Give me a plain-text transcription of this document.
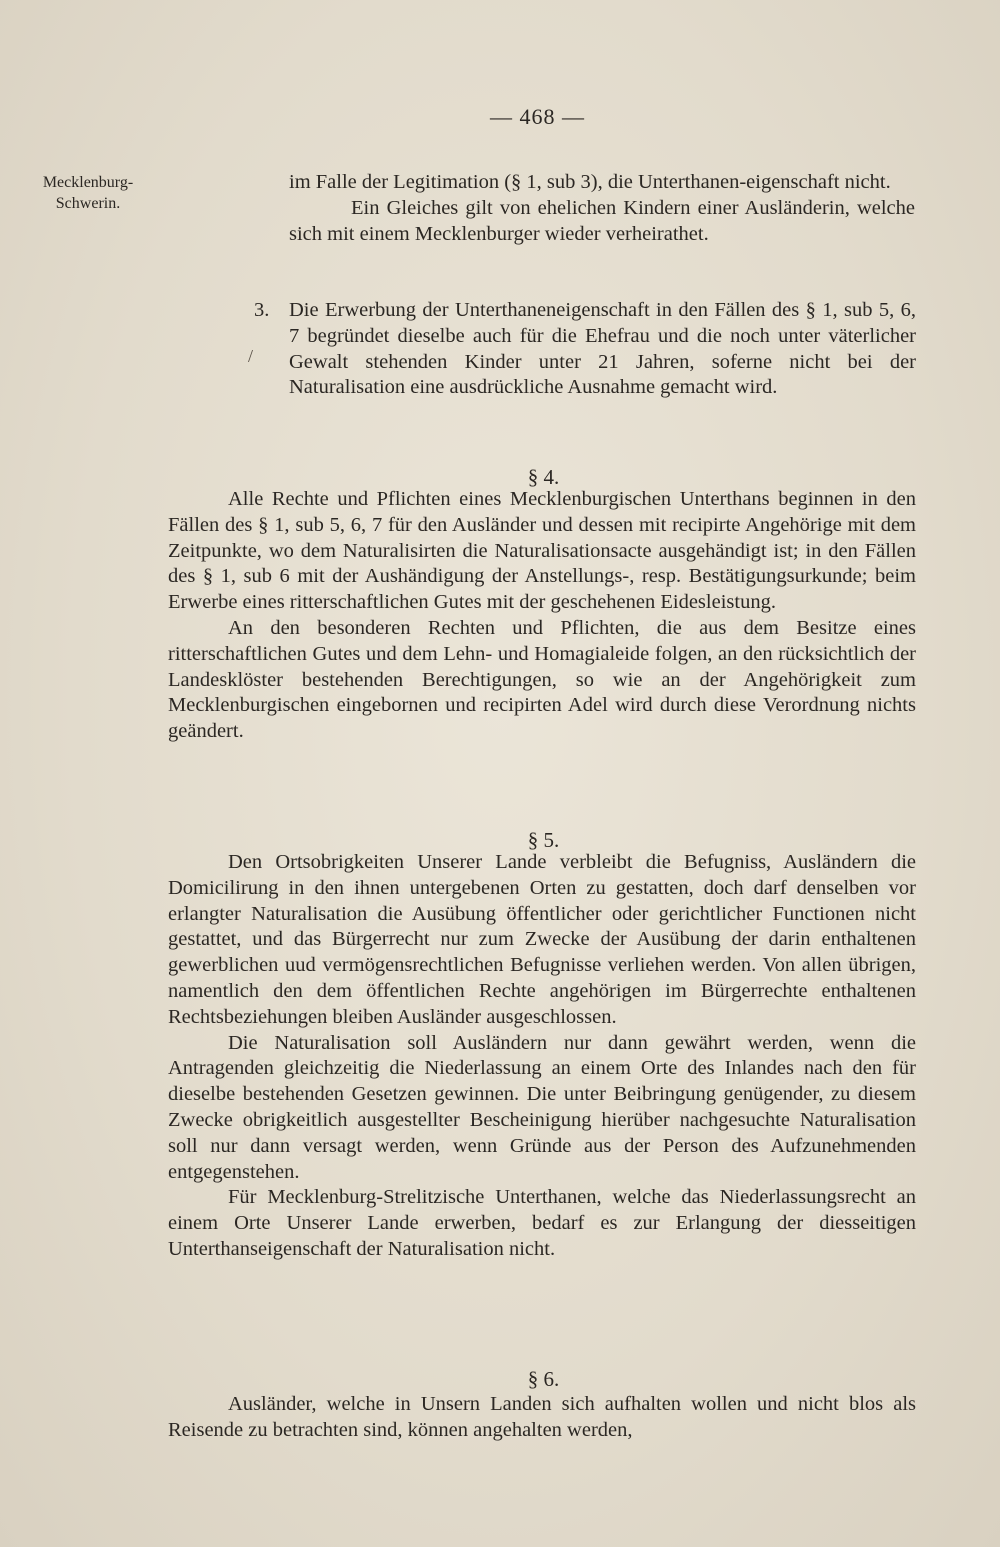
— 468 —
Mecklenburg-
Schwerin.

im Falle der Legitimation (§ 1, sub 3), die Unterthanen-eigenschaft nicht.

Ein Gleiches gilt von ehelichen Kindern einer Ausländerin, welche sich mit einem Mecklenburger wieder verheirathet.

3. Die Erwerbung der Unterthaneneigenschaft in den Fällen des § 1, sub 5, 6, 7 begründet dieselbe auch für die Ehefrau und die noch unter väterlicher Gewalt stehenden Kinder unter 21 Jahren, soferne nicht bei der Naturalisation eine ausdrückliche Ausnahme gemacht wird.
/
§ 4.

Alle Rechte und Pflichten eines Mecklenburgischen Unterthans beginnen in den Fällen des § 1, sub 5, 6, 7 für den Ausländer und dessen mit recipirte Angehörige mit dem Zeitpunkte, wo dem Naturalisirten die Naturalisationsacte ausgehändigt ist; in den Fällen des § 1, sub 6 mit der Aushändigung der Anstellungs-, resp. Bestätigungsurkunde; beim Erwerbe eines ritterschaftlichen Gutes mit der geschehenen Eidesleistung.

An den besonderen Rechten und Pflichten, die aus dem Besitze eines ritterschaftlichen Gutes und dem Lehn- und Homagialeide folgen, an den rücksichtlich der Landesklöster bestehenden Berechtigungen, so wie an der Angehörigkeit zum Mecklenburgischen eingebornen und recipirten Adel wird durch diese Verordnung nichts geändert.

§ 5.

Den Ortsobrigkeiten Unserer Lande verbleibt die Befugniss, Ausländern die Domicilirung in den ihnen untergebenen Orten zu gestatten, doch darf denselben vor erlangter Naturalisation die Ausübung öffentlicher oder gerichtlicher Functionen nicht gestattet, und das Bürgerrecht nur zum Zwecke der Ausübung der darin enthaltenen gewerblichen uud vermögensrechtlichen Befugnisse verliehen werden. Von allen übrigen, namentlich den dem öffentlichen Rechte angehörigen im Bürgerrechte enthaltenen Rechtsbeziehungen bleiben Ausländer ausgeschlossen.

Die Naturalisation soll Ausländern nur dann gewährt werden, wenn die Antragenden gleichzeitig die Niederlassung an einem Orte des Inlandes nach den für dieselbe bestehenden Gesetzen gewinnen. Die unter Beibringung genügender, zu diesem Zwecke obrigkeitlich ausgestellter Bescheinigung hierüber nachgesuchte Naturalisation soll nur dann versagt werden, wenn Gründe aus der Person des Aufzunehmenden entgegenstehen.

Für Mecklenburg-Strelitzische Unterthanen, welche das Niederlassungsrecht an einem Orte Unserer Lande erwerben, bedarf es zur Erlangung der diesseitigen Unterthanseigenschaft der Naturalisation nicht.

§ 6.

Ausländer, welche in Unsern Landen sich aufhalten wollen und nicht blos als Reisende zu betrachten sind, können angehalten werden,
